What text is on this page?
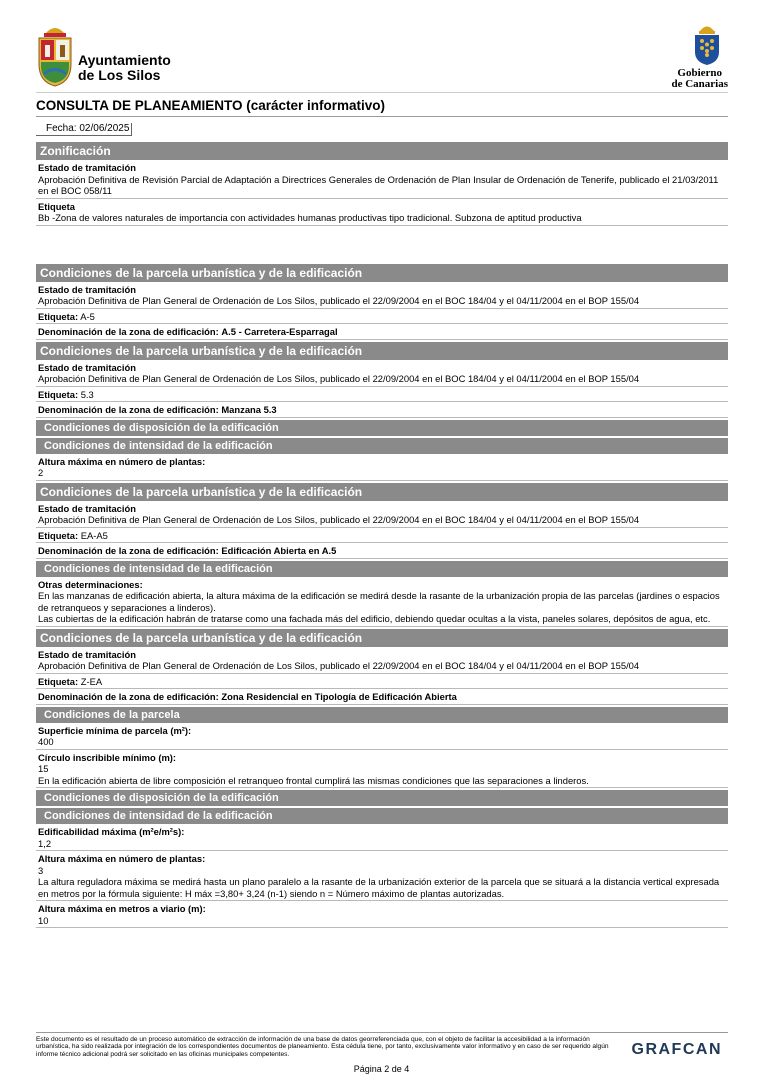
Ayuntamiento
de Los Silos	Gobierno
de Canarias
CONSULTA DE PLANEAMIENTO (carácter informativo)
Fecha: 02/06/2025
Zonificación
Estado de tramitación
Aprobación Definitiva de Revisión Parcial de Adaptación a Directrices Generales de Ordenación de Plan Insular de Ordenación de Tenerife, publicado el 21/03/2011 en el BOC 058/11
Etiqueta
Bb -Zona de valores naturales de importancia con actividades humanas productivas tipo tradicional. Subzona de aptitud productiva
Condiciones de la parcela urbanística y de la edificación
Estado de tramitación
Aprobación Definitiva de Plan General de Ordenación de Los Silos, publicado el 22/09/2004 en el BOC 184/04 y el 04/11/2004 en el BOP 155/04
Etiqueta: A-5
Denominación de la zona de edificación: A.5 - Carretera-Esparragal
Condiciones de la parcela urbanística y de la edificación
Estado de tramitación
Aprobación Definitiva de Plan General de Ordenación de Los Silos, publicado el 22/09/2004 en el BOC 184/04 y el 04/11/2004 en el BOP 155/04
Etiqueta: 5.3
Denominación de la zona de edificación: Manzana 5.3
Condiciones de disposición de la edificación
Condiciones de intensidad de la edificación
Altura máxima en número de plantas:
2
Condiciones de la parcela urbanística y de la edificación
Estado de tramitación
Aprobación Definitiva de Plan General de Ordenación de Los Silos, publicado el 22/09/2004 en el BOC 184/04 y el 04/11/2004 en el BOP 155/04
Etiqueta: EA-A5
Denominación de la zona de edificación: Edificación Abierta en A.5
Condiciones de intensidad de la edificación
Otras determinaciones:
En las manzanas de edificación abierta, la altura máxima de la edificación se medirá desde la rasante de la urbanización propia de las parcelas (jardines o espacios de retranqueos y separaciones a linderos).
Las cubiertas de la edificación habrán de tratarse como una fachada más del edificio, debiendo quedar ocultas a la vista, paneles solares, depósitos de agua, etc.
Condiciones de la parcela urbanística y de la edificación
Estado de tramitación
Aprobación Definitiva de Plan General de Ordenación de Los Silos, publicado el 22/09/2004 en el BOC 184/04 y el 04/11/2004 en el BOP 155/04
Etiqueta: Z-EA
Denominación de la zona de edificación: Zona Residencial en Tipología de Edificación Abierta
Condiciones de la parcela
Superficie mínima de parcela (m²):
400
Círculo inscribible mínimo (m):
15
En la edificación abierta de libre composición el retranqueo frontal cumplirá las mismas condiciones que las separaciones a linderos.
Condiciones de disposición de la edificación
Condiciones de intensidad de la edificación
Edificabilidad máxima (m²e/m²s):
1,2
Altura máxima en número de plantas:
3
La altura reguladora máxima se medirá hasta un plano paralelo a la rasante de la urbanización exterior de la parcela que se situará a la distancia vertical expresada en metros por la fórmula siguiente: H máx =3,80+ 3,24 (n-1) siendo n = Número máximo de plantas autorizadas.
Altura máxima en metros a viario (m):
10
Este documento es el resultado de un proceso automático de extracción de información de una base de datos georreferenciada que, con el objeto de facilitar la accesibilidad a la información urbanística, ha sido realizada por integración de los correspondientes documentos de planeamiento. Esta cédula tiene, por tanto, exclusivamente valor informativo y en caso de ser requerido algún informe técnico adicional podrá ser solicitado en las oficinas municipales competentes.	GRAFCAN
Página 2 de 4
